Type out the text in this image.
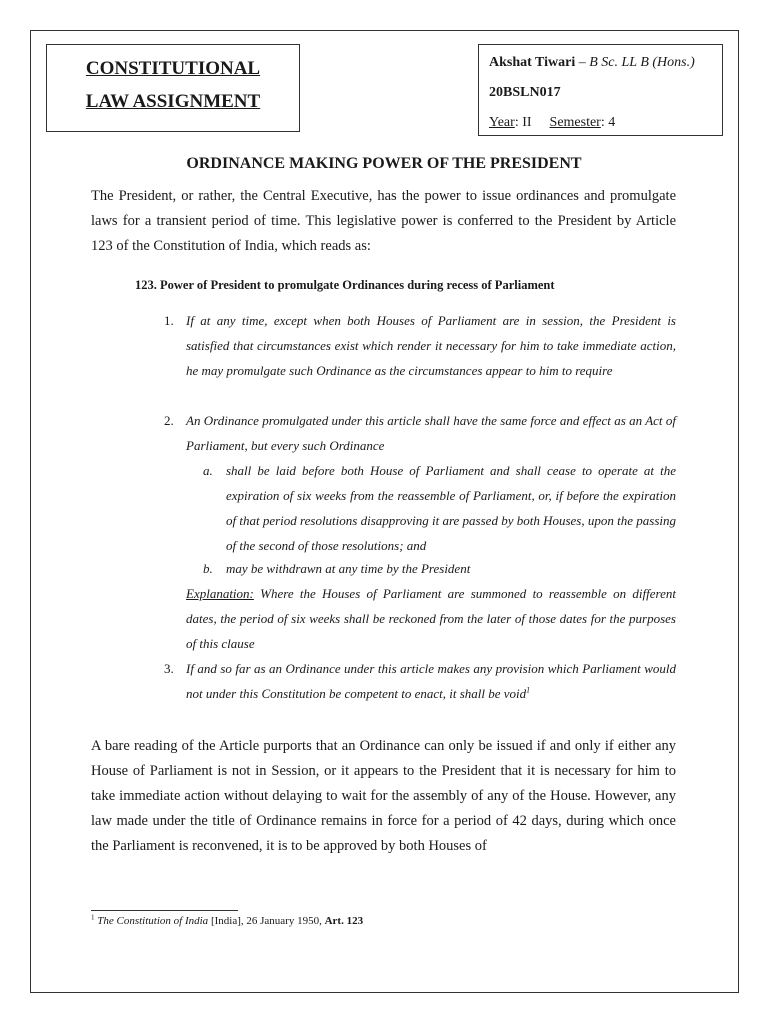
CONSTITUTIONAL
LAW ASSIGNMENT
Akshat Tiwari – B Sc. LL B (Hons.)
20BSLN017
Year: II Semester: 4
ORDINANCE MAKING POWER OF THE PRESIDENT
The President, or rather, the Central Executive, has the power to issue ordinances and promulgate laws for a transient period of time. This legislative power is conferred to the President by Article 123 of the Constitution of India, which reads as:
123. Power of President to promulgate Ordinances during recess of Parliament
1. If at any time, except when both Houses of Parliament are in session, the President is satisfied that circumstances exist which render it necessary for him to take immediate action, he may promulgate such Ordinance as the circumstances appear to him to require
2. An Ordinance promulgated under this article shall have the same force and effect as an Act of Parliament, but every such Ordinance
a. shall be laid before both House of Parliament and shall cease to operate at the expiration of six weeks from the reassemble of Parliament, or, if before the expiration of that period resolutions disapproving it are passed by both Houses, upon the passing of the second of those resolutions; and
b. may be withdrawn at any time by the President
Explanation: Where the Houses of Parliament are summoned to reassemble on different dates, the period of six weeks shall be reckoned from the later of those dates for the purposes of this clause
3. If and so far as an Ordinance under this article makes any provision which Parliament would not under this Constitution be competent to enact, it shall be void$^1$
A bare reading of the Article purports that an Ordinance can only be issued if and only if either any House of Parliament is not in Session, or it appears to the President that it is necessary for him to take immediate action without delaying to wait for the assembly of any of the House. However, any law made under the title of Ordinance remains in force for a period of 42 days, during which once the Parliament is reconvened, it is to be approved by both Houses of
$^1$ The Constitution of India [India], 26 January 1950, Art. 123
